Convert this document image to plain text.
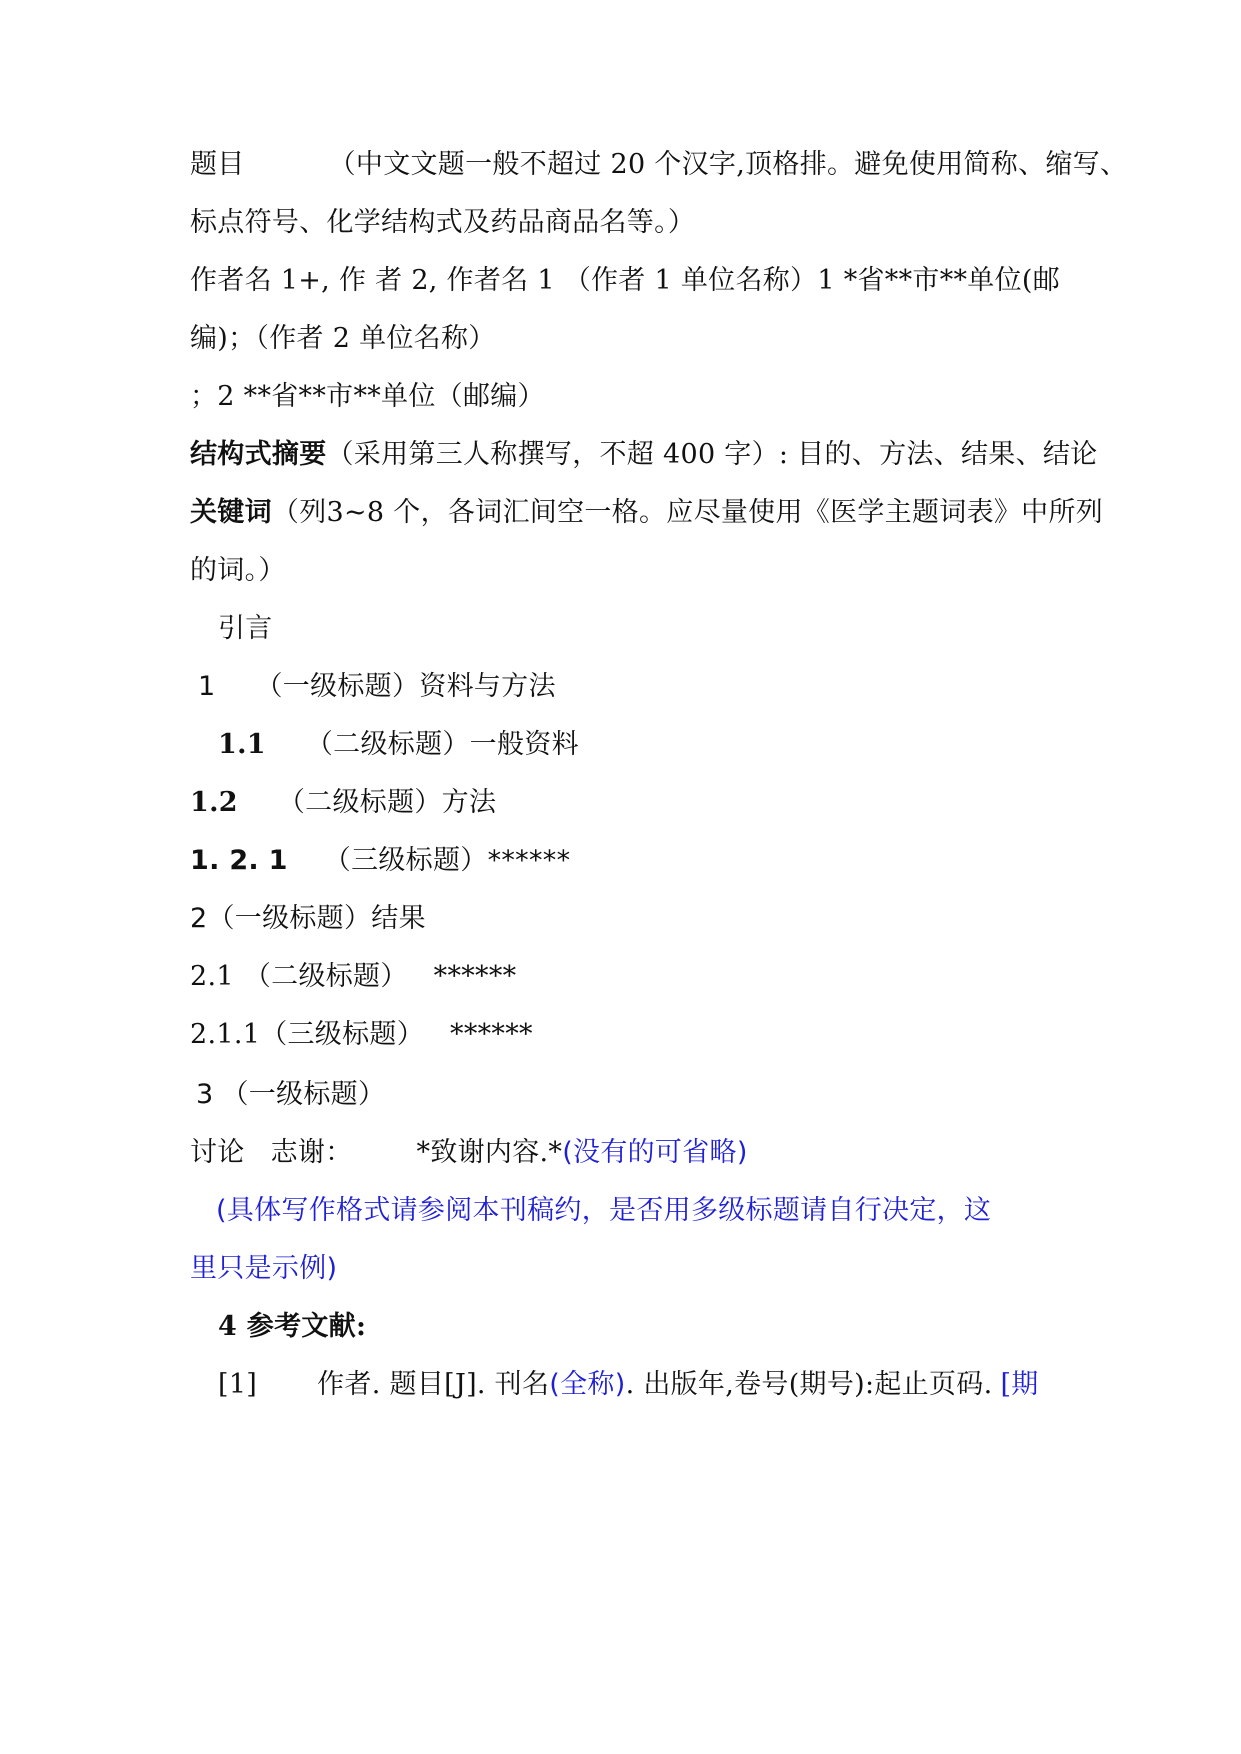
题目	（中文文题一般不超过 20 个汉字,顶格排。避免使用简称、缩写、
标点符号、化学结构式及药品商品名等。）
作者名 1+, 作 者 2, 作者名 1 （作者 1 单位名称）1 *省**市**单位(邮
编)；（作者 2 单位名称）
；2 **省**市**单位（邮编）
结构式摘要（采用第三人称撰写，不超 400 字）: 目的、方法、结果、结论
关键词（列3~8 个，各词汇间空一格。应尽量使用《医学主题词表》中所列
的词。）
引言
1 （一级标题）资料与方法
1.1 （二级标题）一般资料
1.2 （二级标题）方法
1. 2. 1 （三级标题）******
2（一级标题）结果
2.1 （二级标题） ******
2.1.1（三级标题） ******
3 （一级标题）
讨论 志谢： *致谢内容.*(没有的可省略)
(具体写作格式请参阅本刊稿约，是否用多级标题请自行决定，这
里只是示例)
4 参考文献:
[1] 作者. 题目[J]. 刊名(全称). 出版年,卷号(期号):起止页码. [期
